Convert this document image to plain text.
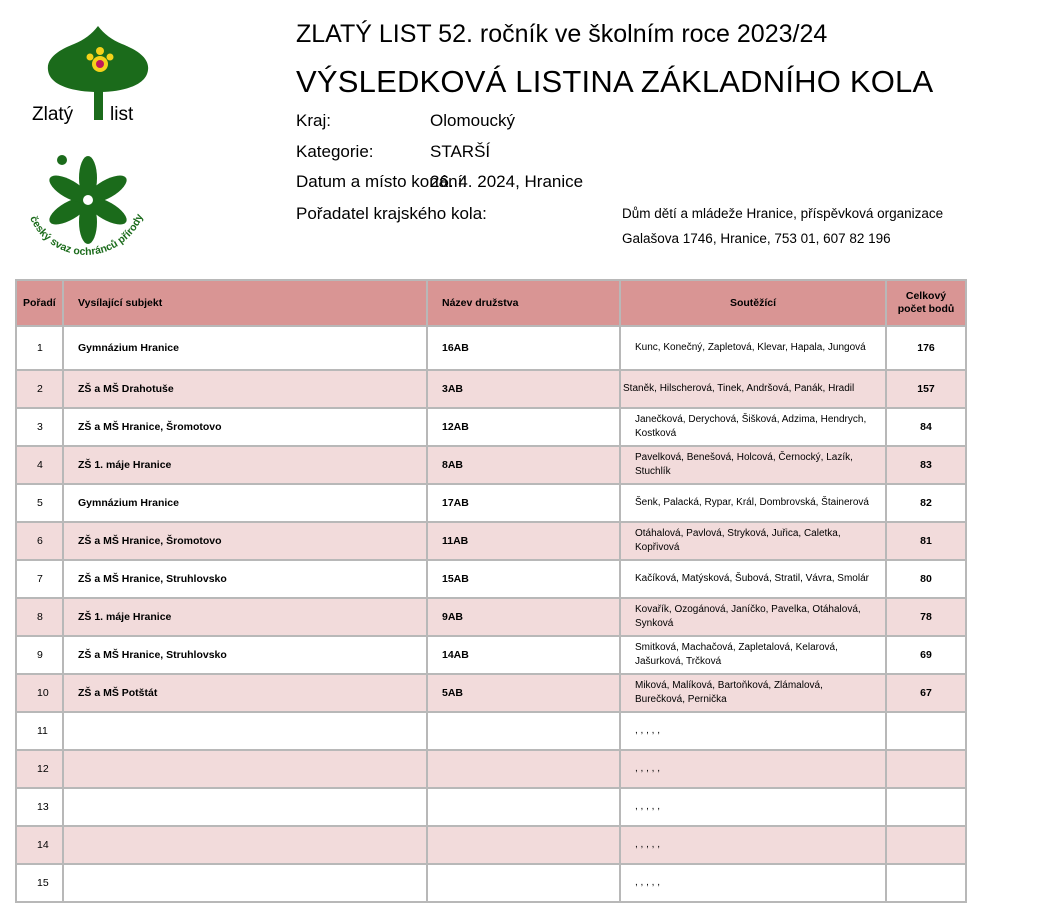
Zlatý list
český svaz ochránců přírody
ZLATÝ LIST 52. ročník ve školním roce 2023/24
VÝSLEDKOVÁ LISTINA ZÁKLADNÍHO KOLA
Kraj:	Olomoucký
Kategorie:	STARŠÍ
Datum a místo konání:
26. 4. 2024, Hranice
Pořadatel krajského kola:	Dům dětí a mládeže Hranice, příspěvková organizace
Galašova 1746, Hranice, 753 01, 607 82 196
Pořadí	Vysílající subjekt	Název družstva	Soutěžící	Celkový počet bodů
1	Gymnázium Hranice	16AB	Kunc, Konečný, Zapletová, Klevar, Hapala, Jungová	176
2	ZŠ a MŠ Drahotuše	3AB	Staněk, Hilscherová, Tinek, Andršová, Panák, Hradil	157
3	ZŠ a MŠ Hranice, Šromotovo	12AB	Janečková, Derychová, Šišková, Adzima, Hendrych, Kostková	84
4	ZŠ 1. máje Hranice	8AB	Pavelková, Benešová, Holcová, Černocký, Lazík, Stuchlík	83
5	Gymnázium Hranice	17AB	Šenk, Palacká, Rypar, Král, Dombrovská, Štainerová	82
6	ZŠ a MŠ Hranice, Šromotovo	11AB	Otáhalová, Pavlová, Stryková, Juřica, Caletka, Kopřivová	81
7	ZŠ a MŠ Hranice, Struhlovsko	15AB	Kačíková, Matýsková, Šubová, Stratil, Vávra, Smolár	80
8	ZŠ 1. máje Hranice	9AB	Kovařík, Ozogánová, Janíčko, Pavelka, Otáhalová, Synková	78
9	ZŠ a MŠ Hranice, Struhlovsko	14AB	Smitková, Machačová, Zapletalová, Kelarová, Jašurková, Trčková	69
10	ZŠ a MŠ Potštát	5AB	Miková, Malíková, Bartoňková, Zlámalová, Burečková, Pernička	67
11			, , , , ,	
12			, , , , ,	
13			, , , , ,	
14			, , , , ,	
15			, , , , ,	
